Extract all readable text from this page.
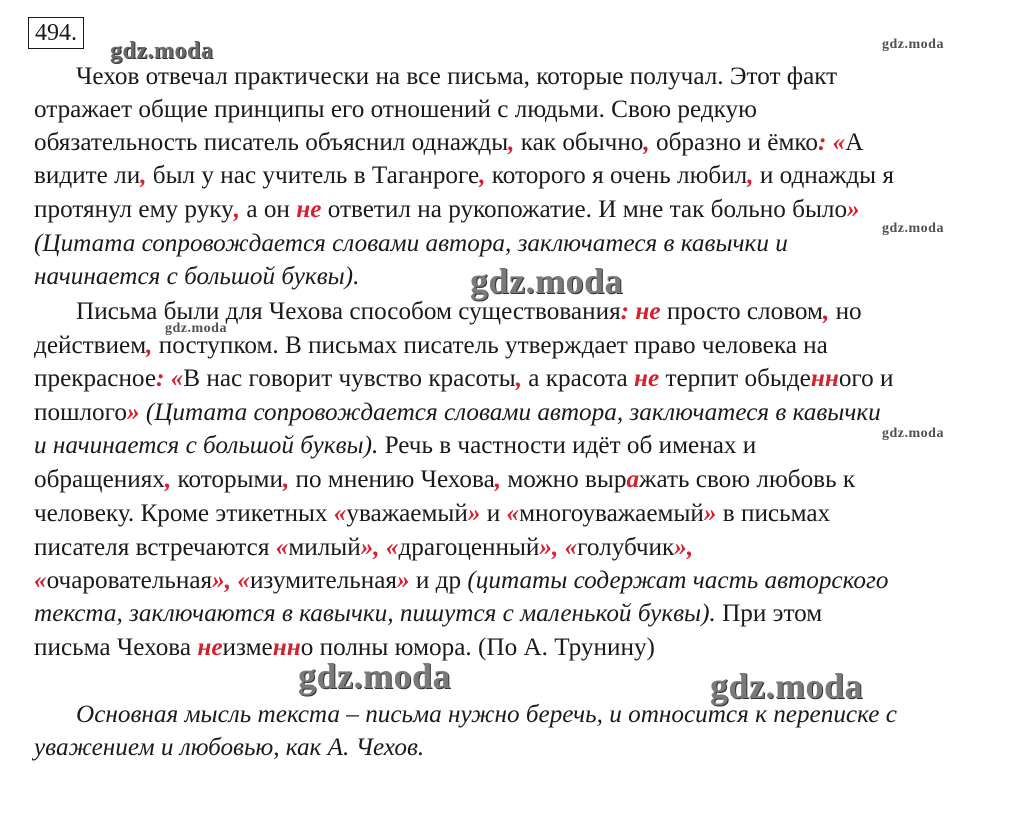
494.
Чехов отвечал практически на все письма, которые получал. Этот факт
отражает общие принципы его отношений с людьми. Свою редкую
обязательность писатель объяснил однажды, как обычно, образно и ёмко: «А
видите ли, был у нас учитель в Таганроге, которого я очень любил, и однажды я
протянул ему руку, а он не ответил на рукопожатие. И мне так больно было»
(Цитата сопровождается словами автора, заключатеся в кавычки и
начинается с большой буквы).
Письма были для Чехова способом существования: не просто словом, но
действием, поступком. В письмах писатель утверждает право человека на
прекрасное: «В нас говорит чувство красоты, а красота не терпит обыденного и
пошлого» (Цитата сопровождается словами автора, заключатеся в кавычки
и начинается с большой буквы). Речь в частности идёт об именах и
обращениях, которыми, по мнению Чехова, можно выражать свою любовь к
человеку. Кроме этикетных «уважаемый» и «многоуважаемый» в письмах
писателя встречаются «милый», «драгоценный», «голубчик»,
«очаровательная», «изумительная» и др (цитаты содержат часть авторского
текста, заключаются в кавычки, пишутся с маленькой буквы). При этом
письма Чехова неизменно полны юмора. (По А. Трунину)
Основная мысль текста – письма нужно беречь, и относится к переписке с
уважением и любовью, как А. Чехов.
gdz.moda	gdz.moda
gdz.moda
gdz.moda
gdz.moda
gdz.moda
gdz.moda	gdz.moda
